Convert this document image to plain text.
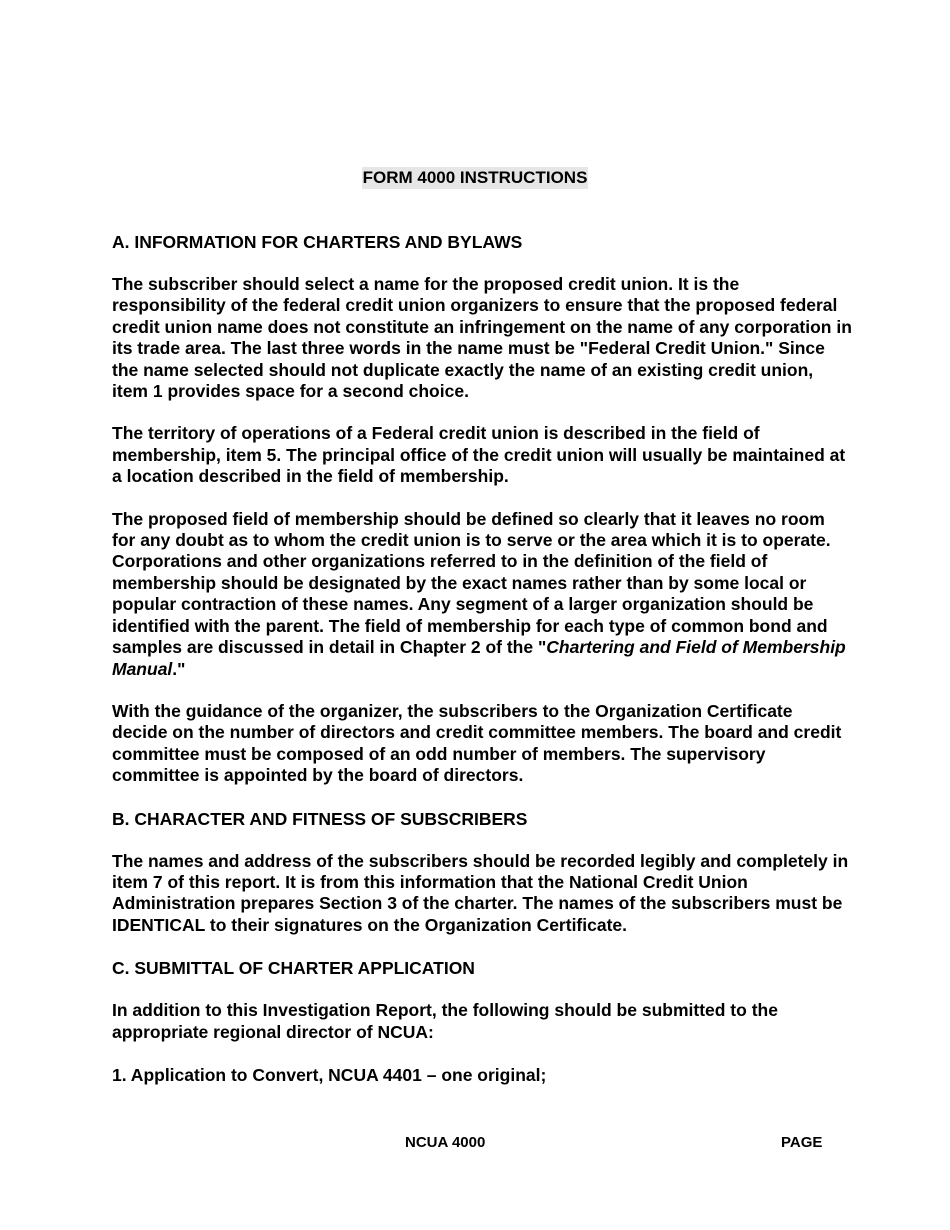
FORM 4000 INSTRUCTIONS

A. INFORMATION FOR CHARTERS AND BYLAWS

The subscriber should select a name for the proposed credit union. It is the responsibility of the federal credit union organizers to ensure that the proposed federal credit union name does not constitute an infringement on the name of any corporation in its trade area. The last three words in the name must be "Federal Credit Union." Since the name selected should not duplicate exactly the name of an existing credit union, item 1 provides space for a second choice.

The territory of operations of a Federal credit union is described in the field of membership, item 5. The principal office of the credit union will usually be maintained at a location described in the field of membership.

The proposed field of membership should be defined so clearly that it leaves no room for any doubt as to whom the credit union is to serve or the area which it is to operate. Corporations and other organizations referred to in the definition of the field of membership should be designated by the exact names rather than by some local or popular contraction of these names. Any segment of a larger organization should be identified with the parent. The field of membership for each type of common bond and samples are discussed in detail in Chapter 2 of the "Chartering and Field of Membership Manual."

With the guidance of the organizer, the subscribers to the Organization Certificate decide on the number of directors and credit committee members. The board and credit committee must be composed of an odd number of members. The supervisory committee is appointed by the board of directors.

B. CHARACTER AND FITNESS OF SUBSCRIBERS

The names and address of the subscribers should be recorded legibly and completely in item 7 of this report. It is from this information that the National Credit Union Administration prepares Section 3 of the charter. The names of the subscribers must be IDENTICAL to their signatures on the Organization Certificate.

C. SUBMITTAL OF CHARTER APPLICATION

In addition to this Investigation Report, the following should be submitted to the appropriate regional director of NCUA:

1. Application to Convert, NCUA 4401 – one original;

NCUA 4000	PAGE
